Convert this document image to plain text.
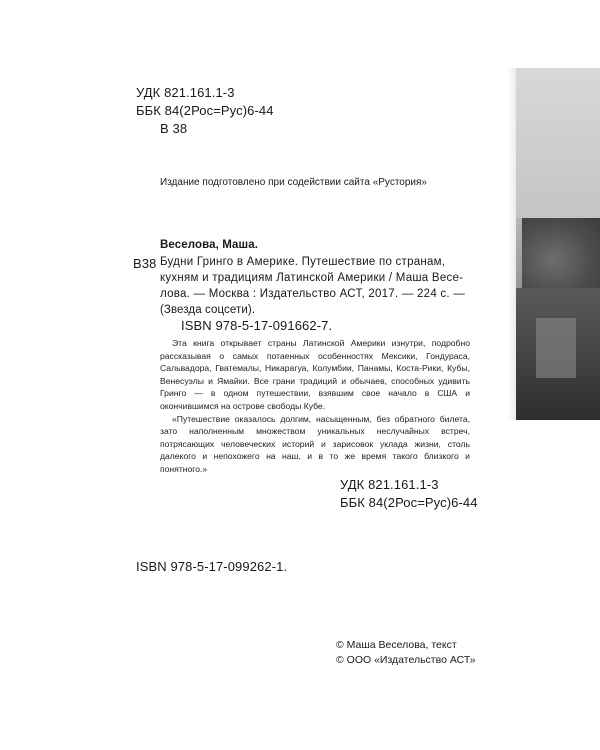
УДК 821.161.1-3
ББК 84(2Рос=Рус)6-44
В 38
Издание подготовлено при содействии сайта «Рустория»
Веселова, Маша.
В38 Будни Гринго в Америке. Путешествие по странам,
кухням и традициям Латинской Америки / Маша Весе-
лова. — Москва : Издательство АСТ, 2017. — 224 с. —
(Звезда соцсети).
ISBN 978-5-17-091662-7.

Эта книга открывает страны Латинской Америки изнутри, подробно рассказывая о самых потаенных особенностях Мексики, Гондураса, Сальвадора, Гватемалы, Никарагуа, Колумбии, Панамы, Коста-Рики, Кубы, Венесуэлы и Ямайки. Все грани традиций и обычаев, способных удивить Гринго — в одном путешествии, взявшим свое начало в США и окончившимся на острове свободы Кубе.

«Путешествие оказалось долгим, насыщенным, без обратного билета, зато наполненным множеством уникальных неслучайных встреч, потрясающих человеческих историй и зарисовок уклада жизни, столь далекого и непохожего на наш, и в то же время такого близкого и понятного.»

УДК 821.161.1-3
ББК 84(2Рос=Рус)6-44
ISBN 978-5-17-099262-1.
© Маша Веселова, текст
© ООО «Издательство АСТ»
